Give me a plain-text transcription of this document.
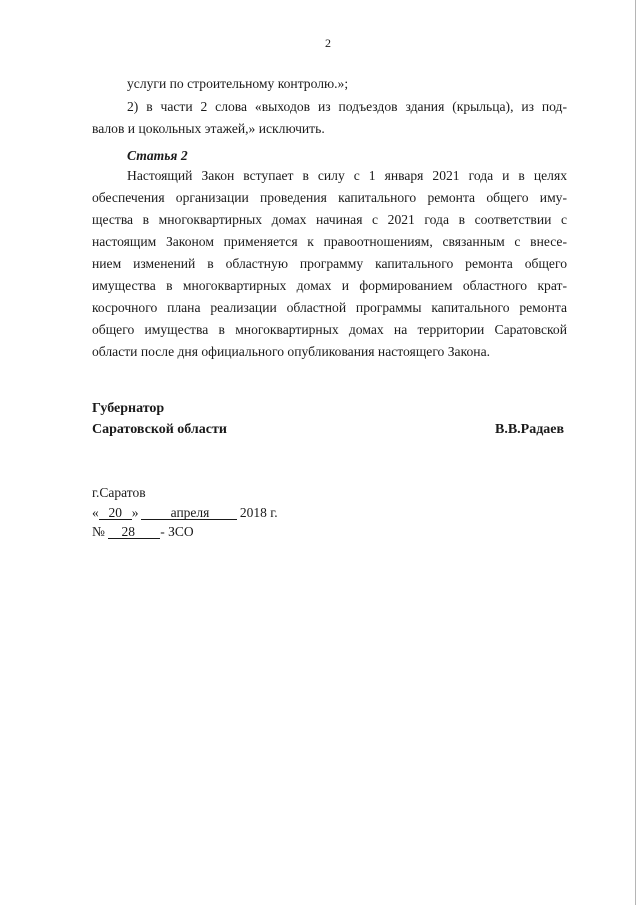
2
услуги по строительному контролю.»;
2) в части 2 слова «выходов из подъездов здания (крыльца), из под-
валов и цокольных этажей,» исключить.
Статья 2
Настоящий Закон вступает в силу с 1 января 2021 года и в целях
обеспечения организации проведения капитального ремонта общего иму-
щества в многоквартирных домах начиная с 2021 года в соответствии с
настоящим Законом применяется к правоотношениям, связанным с внесе-
нием изменений в областную программу капитального ремонта общего
имущества в многоквартирных домах и формированием областного крат-
косрочного плана реализации областной программы капитального ремонта
общего имущества в многоквартирных домах на территории Саратовской
области после дня официального опубликования настоящего Закона.
Губернатор
Саратовской области	В.В.Радаев
г.Саратов
« 20 » апреля 2018 г.
№ 28 - ЗСО
